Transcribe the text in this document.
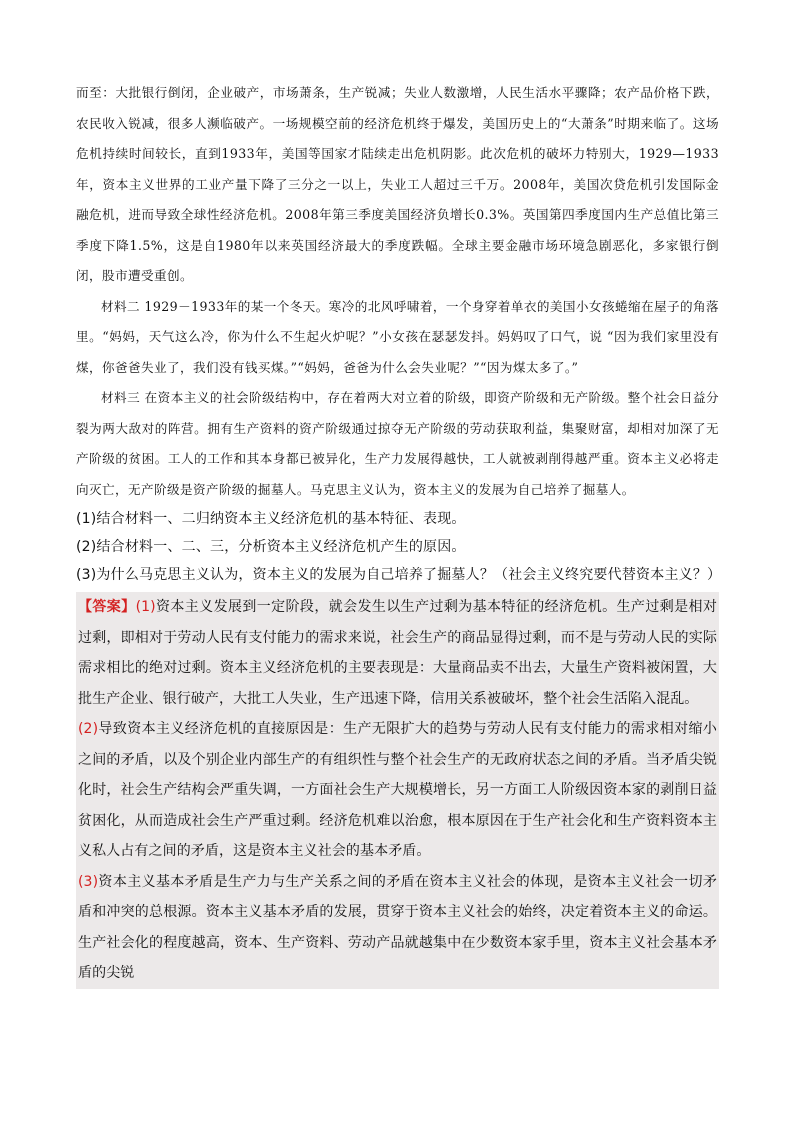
而至：大批银行倒闭，企业破产，市场萧条，生产锐减；失业人数激增，人民生活水平骤降；农产品价格下跌，农民收入锐减，很多人濒临破产。一场规模空前的经济危机终于爆发，美国历史上的“大萧条”时期来临了。这场危机持续时间较长，直到1933年，美国等国家才陆续走出危机阴影。此次危机的破坏力特别大，1929—1933年，资本主义世界的工业产量下降了三分之一以上，失业工人超过三千万。2008年，美国次贷危机引发国际金融危机，进而导致全球性经济危机。2008年第三季度美国经济负增长0.3%。英国第四季度国内生产总值比第三季度下降1.5%，这是自1980年以来英国经济最大的季度跌幅。全球主要金融市场环境急剧恶化，多家银行倒闭，股市遭受重创。

材料二 1929－1933年的某一个冬天。寒冷的北风呼啸着，一个身穿着单衣的美国小女孩蜷缩在屋子的角落里。“妈妈，天气这么冷，你为什么不生起火炉呢？”小女孩在瑟瑟发抖。妈妈叹了口气，说 “因为我们家里没有煤，你爸爸失业了，我们没有钱买煤。”“妈妈，爸爸为什么会失业呢？”“因为煤太多了。”

材料三 在资本主义的社会阶级结构中，存在着两大对立着的阶级，即资产阶级和无产阶级。整个社会日益分裂为两大敌对的阵营。拥有生产资料的资产阶级通过掠夺无产阶级的劳动获取利益，集聚财富，却相对加深了无产阶级的贫困。工人的工作和其本身都已被异化，生产力发展得越快，工人就被剥削得越严重。资本主义必将走向灭亡，无产阶级是资产阶级的掘墓人。马克思主义认为，资本主义的发展为自己培养了掘墓人。

(1)结合材料一、二归纳资本主义经济危机的基本特征、表现。

(2)结合材料一、二、三，分析资本主义经济危机产生的原因。

(3)为什么马克思主义认为，资本主义的发展为自己培养了掘墓人？（社会主义终究要代替资本主义？）

【答案】(1)资本主义发展到一定阶段，就会发生以生产过剩为基本特征的经济危机。生产过剩是相对过剩，即相对于劳动人民有支付能力的需求来说，社会生产的商品显得过剩，而不是与劳动人民的实际需求相比的绝对过剩。资本主义经济危机的主要表现是：大量商品卖不出去，大量生产资料被闲置，大批生产企业、银行破产，大批工人失业，生产迅速下降，信用关系被破坏，整个社会生活陷入混乱。

(2)导致资本主义经济危机的直接原因是：生产无限扩大的趋势与劳动人民有支付能力的需求相对缩小之间的矛盾，以及个别企业内部生产的有组织性与整个社会生产的无政府状态之间的矛盾。当矛盾尖锐化时，社会生产结构会严重失调，一方面社会生产大规模增长，另一方面工人阶级因资本家的剥削日益贫困化，从而造成社会生产严重过剩。经济危机难以治愈，根本原因在于生产社会化和生产资料资本主义私人占有之间的矛盾，这是资本主义社会的基本矛盾。

(3)资本主义基本矛盾是生产力与生产关系之间的矛盾在资本主义社会的体现，是资本主义社会一切矛盾和冲突的总根源。资本主义基本矛盾的发展，贯穿于资本主义社会的始终，决定着资本主义的命运。生产社会化的程度越高，资本、生产资料、劳动产品就越集中在少数资本家手里，资本主义社会基本矛盾的尖锐
